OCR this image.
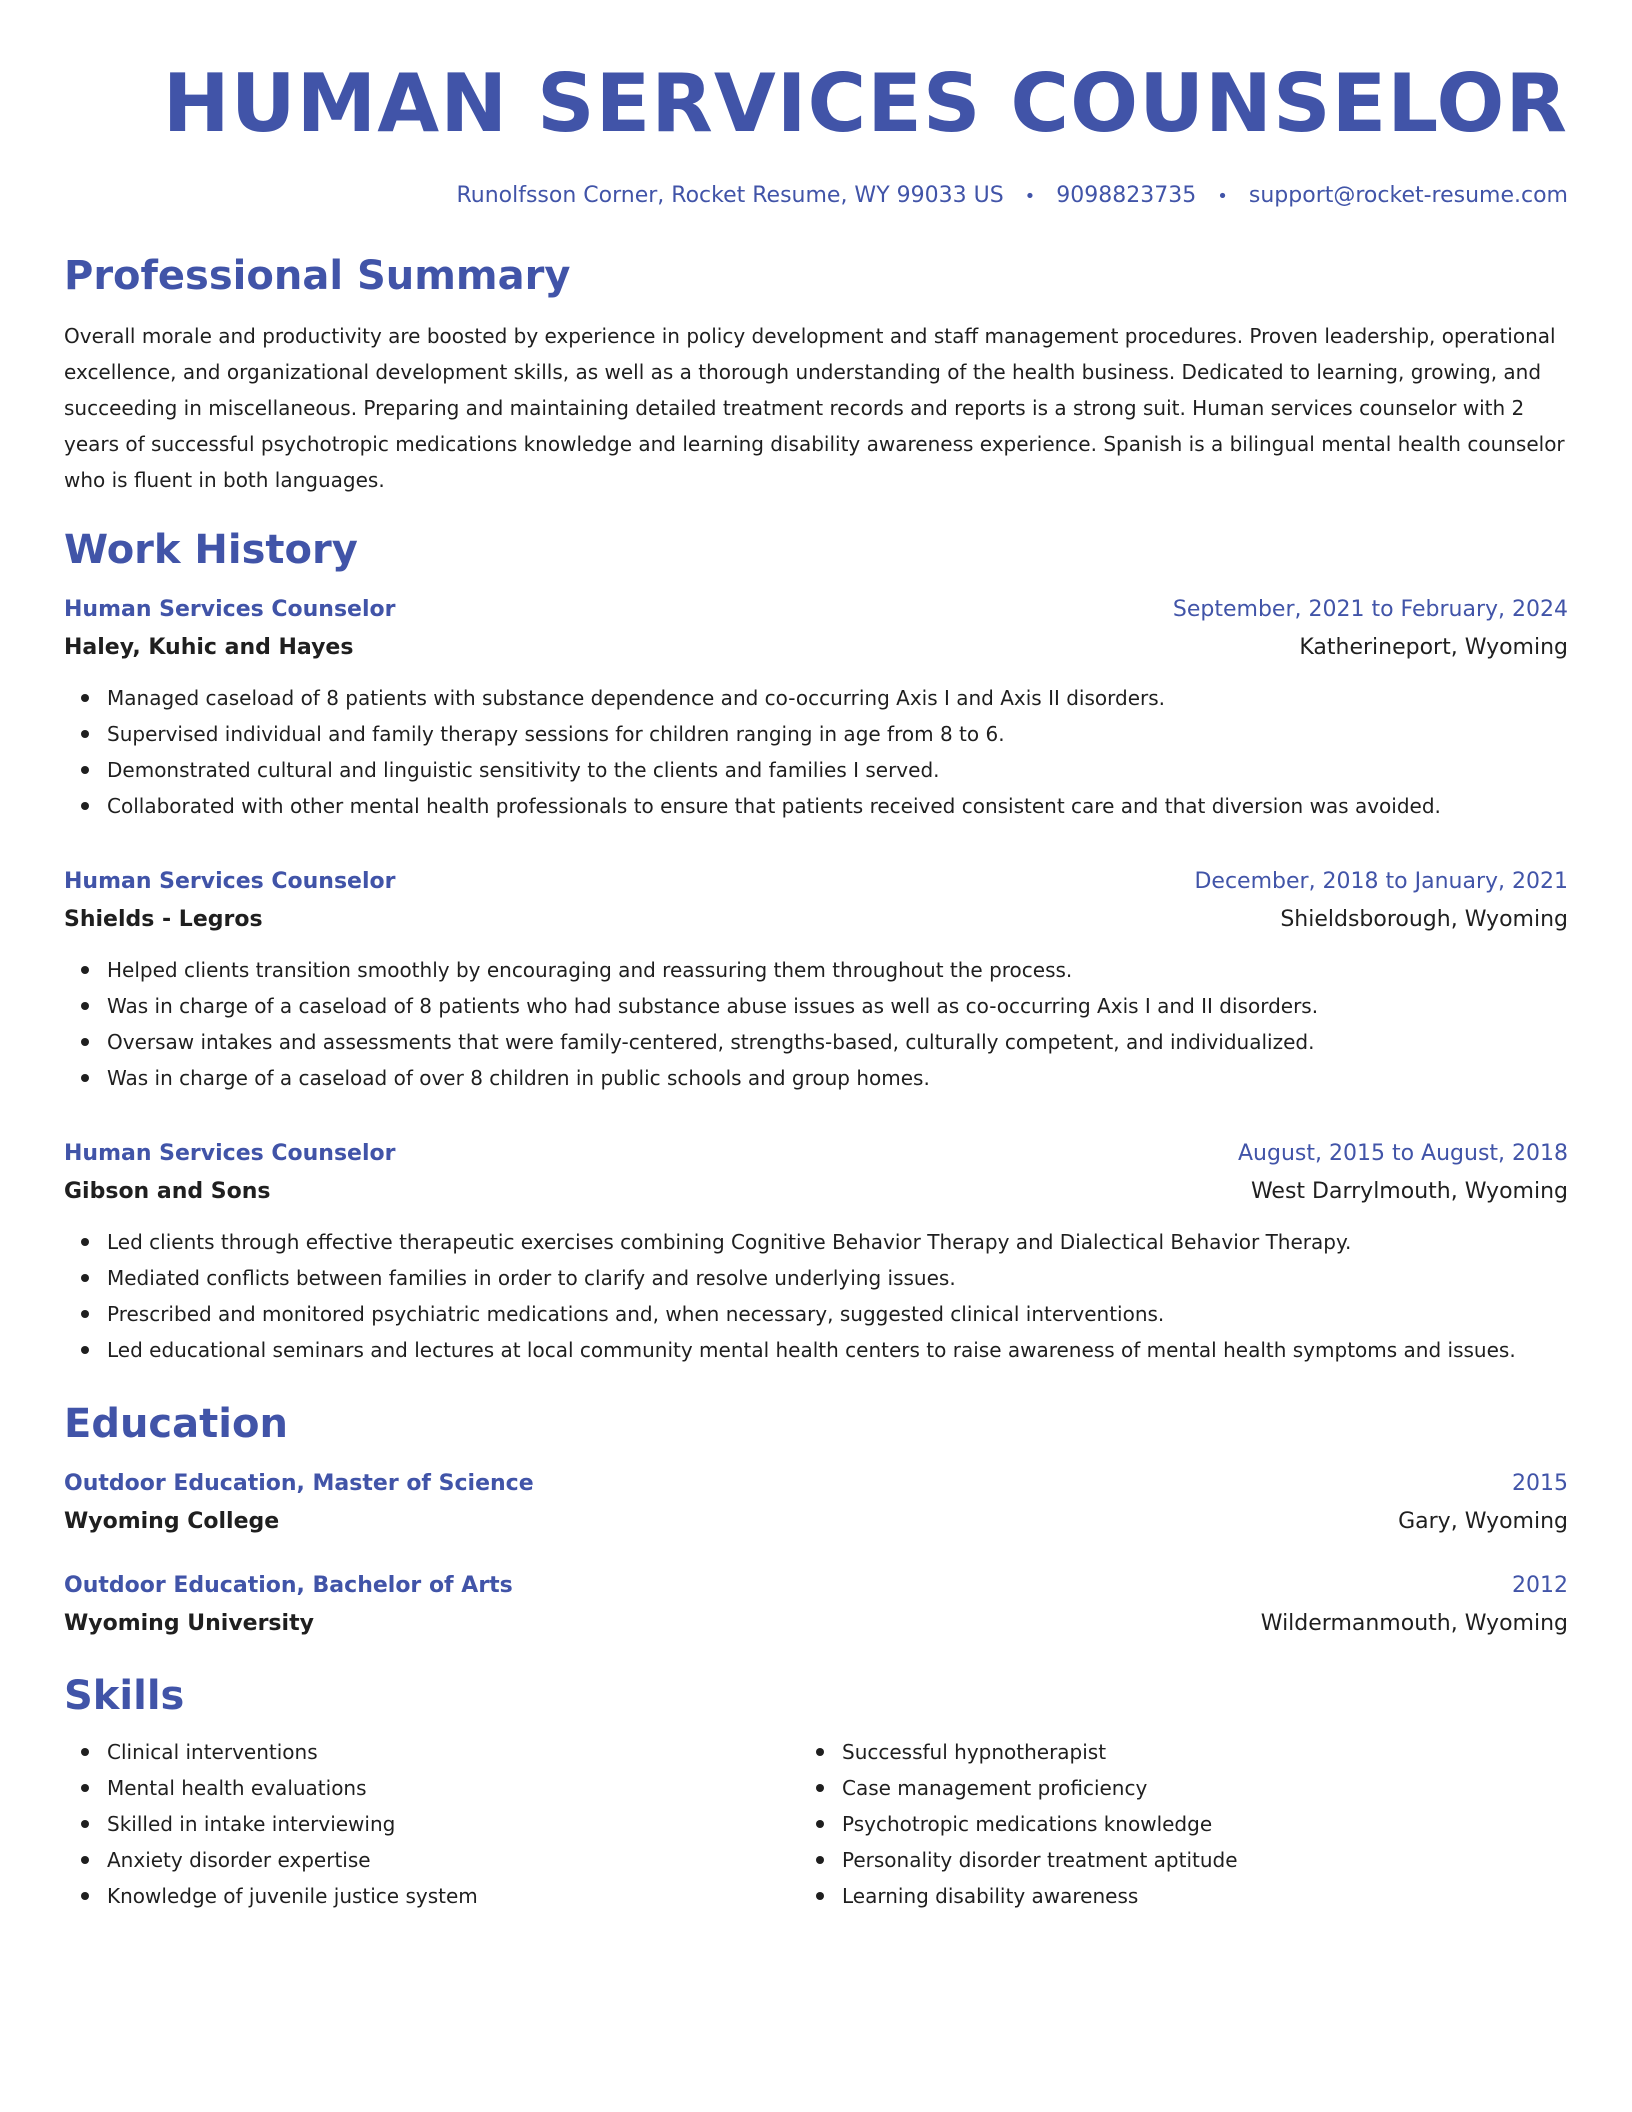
HUMAN SERVICES COUNSELOR
Runolfsson Corner, Rocket Resume, WY 99033 US • 9098823735 • support@rocket-resume.com
Professional Summary
Overall morale and productivity are boosted by experience in policy development and staff management procedures. Proven leadership, operational excellence, and organizational development skills, as well as a thorough understanding of the health business. Dedicated to learning, growing, and succeeding in miscellaneous. Preparing and maintaining detailed treatment records and reports is a strong suit. Human services counselor with 2 years of successful psychotropic medications knowledge and learning disability awareness experience. Spanish is a bilingual mental health counselor who is fluent in both languages.
Work History
Human Services Counselor	September, 2021 to February, 2024
Haley, Kuhic and Hayes	Katherineport, Wyoming
Managed caseload of 8 patients with substance dependence and co-occurring Axis I and Axis II disorders.
Supervised individual and family therapy sessions for children ranging in age from 8 to 6.
Demonstrated cultural and linguistic sensitivity to the clients and families I served.
Collaborated with other mental health professionals to ensure that patients received consistent care and that diversion was avoided.
Human Services Counselor	December, 2018 to January, 2021
Shields - Legros	Shieldsborough, Wyoming
Helped clients transition smoothly by encouraging and reassuring them throughout the process.
Was in charge of a caseload of 8 patients who had substance abuse issues as well as co-occurring Axis I and II disorders.
Oversaw intakes and assessments that were family-centered, strengths-based, culturally competent, and individualized.
Was in charge of a caseload of over 8 children in public schools and group homes.
Human Services Counselor	August, 2015 to August, 2018
Gibson and Sons	West Darrylmouth, Wyoming
Led clients through effective therapeutic exercises combining Cognitive Behavior Therapy and Dialectical Behavior Therapy.
Mediated conflicts between families in order to clarify and resolve underlying issues.
Prescribed and monitored psychiatric medications and, when necessary, suggested clinical interventions.
Led educational seminars and lectures at local community mental health centers to raise awareness of mental health symptoms and issues.
Education
Outdoor Education, Master of Science	2015
Wyoming College	Gary, Wyoming
Outdoor Education, Bachelor of Arts	2012
Wyoming University	Wildermanmouth, Wyoming
Skills
Clinical interventions
Mental health evaluations
Skilled in intake interviewing
Anxiety disorder expertise
Knowledge of juvenile justice system
Successful hypnotherapist
Case management proficiency
Psychotropic medications knowledge
Personality disorder treatment aptitude
Learning disability awareness
